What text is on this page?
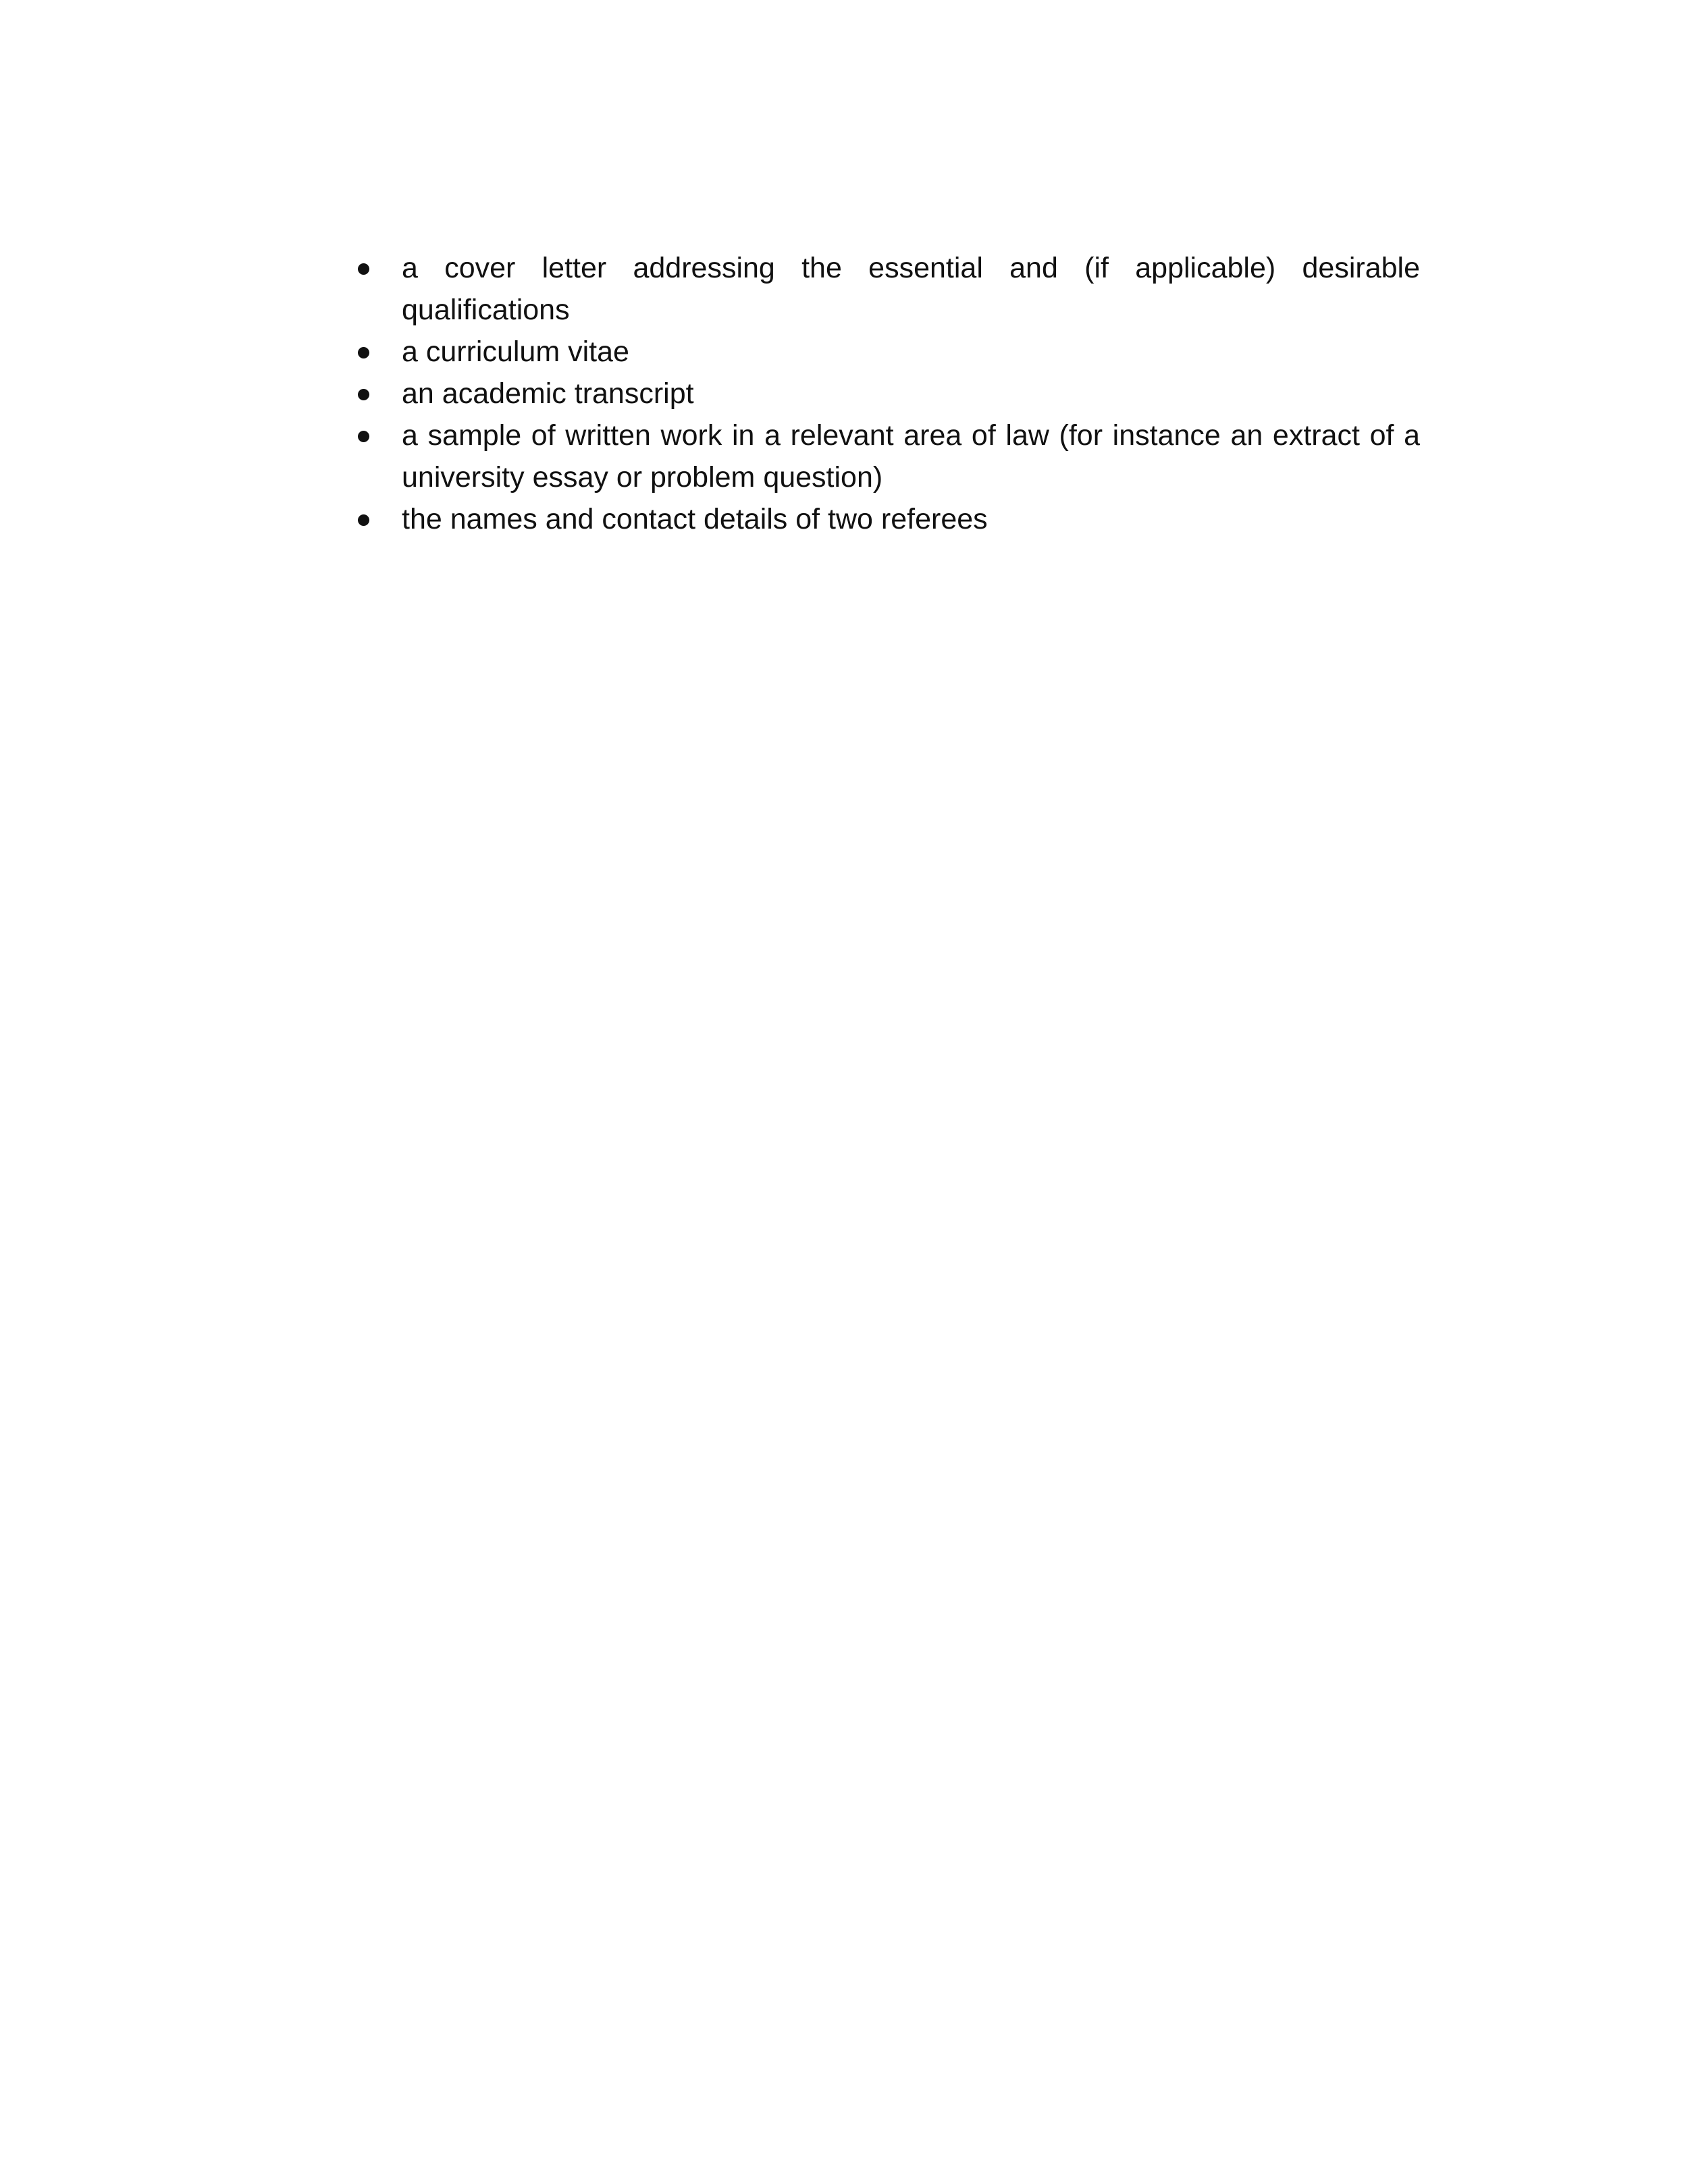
a cover letter addressing the essential and (if applicable) desirable qualifications
a curriculum vitae
an academic transcript
a sample of written work in a relevant area of law (for instance an extract of a university essay or problem question)
the names and contact details of two referees
